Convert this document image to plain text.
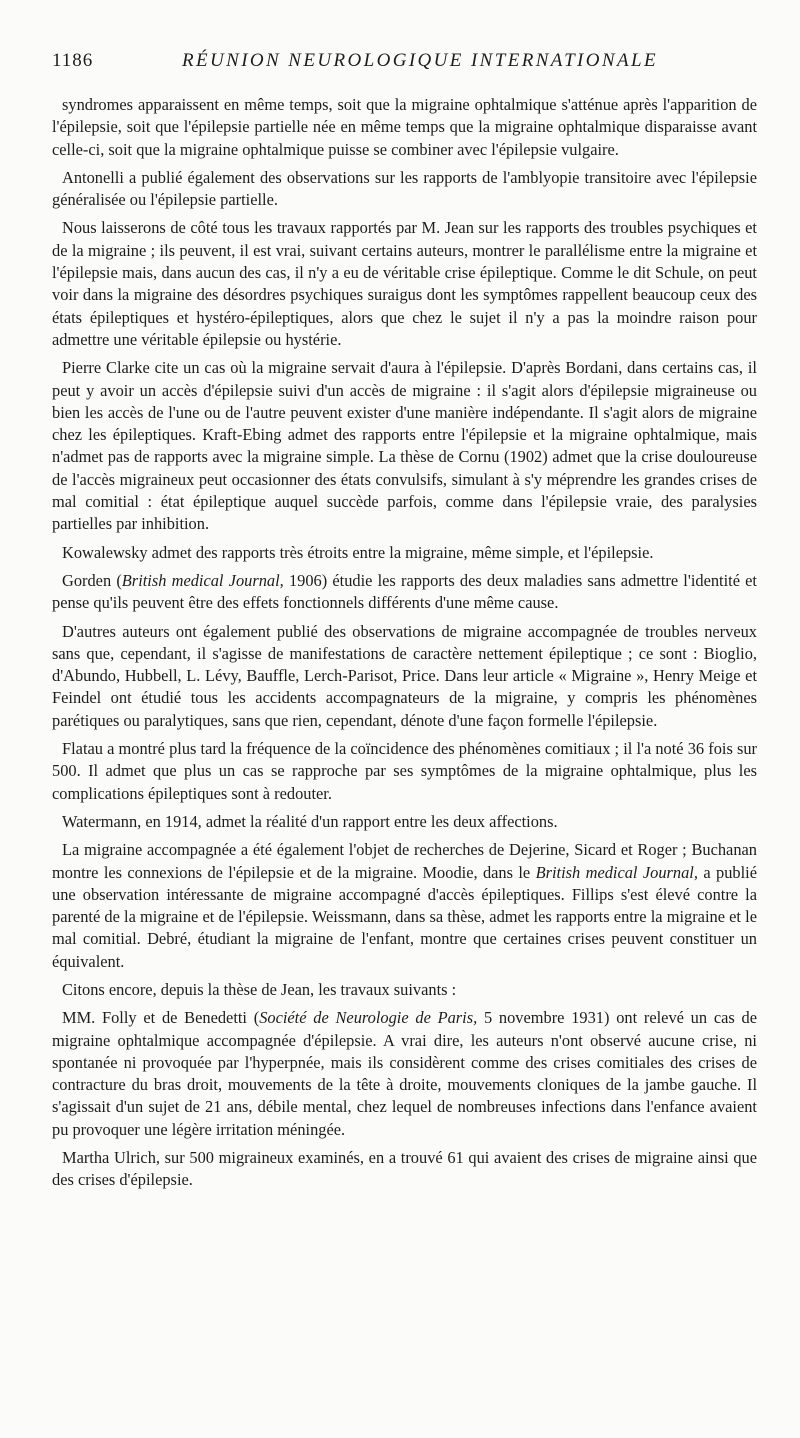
1186	RÉUNION NEUROLOGIQUE INTERNATIONALE

syndromes apparaissent en même temps, soit que la migraine ophtalmique s'atténue après l'apparition de l'épilepsie, soit que l'épilepsie partielle née en même temps que la migraine ophtalmique disparaisse avant celle-ci, soit que la migraine ophtalmique puisse se combiner avec l'épilepsie vulgaire.

Antonelli a publié également des observations sur les rapports de l'amblyopie transitoire avec l'épilepsie généralisée ou l'épilepsie partielle.

Nous laisserons de côté tous les travaux rapportés par M. Jean sur les rapports des troubles psychiques et de la migraine ; ils peuvent, il est vrai, suivant certains auteurs, montrer le parallélisme entre la migraine et l'épilepsie mais, dans aucun des cas, il n'y a eu de véritable crise épileptique. Comme le dit Schule, on peut voir dans la migraine des désordres psychiques suraigus dont les symptômes rappellent beaucoup ceux des états épileptiques et hystéro-épileptiques, alors que chez le sujet il n'y a pas la moindre raison pour admettre une véritable épilepsie ou hystérie.

Pierre Clarke cite un cas où la migraine servait d'aura à l'épilepsie. D'après Bordani, dans certains cas, il peut y avoir un accès d'épilepsie suivi d'un accès de migraine : il s'agit alors d'épilepsie migraineuse ou bien les accès de l'une ou de l'autre peuvent exister d'une manière indépendante. Il s'agit alors de migraine chez les épileptiques. Kraft-Ebing admet des rapports entre l'épilepsie et la migraine ophtalmique, mais n'admet pas de rapports avec la migraine simple. La thèse de Cornu (1902) admet que la crise douloureuse de l'accès migraineux peut occasionner des états convulsifs, simulant à s'y méprendre les grandes crises de mal comitial : état épileptique auquel succède parfois, comme dans l'épilepsie vraie, des paralysies partielles par inhibition.

Kowalewsky admet des rapports très étroits entre la migraine, même simple, et l'épilepsie.

Gorden (British medical Journal, 1906) étudie les rapports des deux maladies sans admettre l'identité et pense qu'ils peuvent être des effets fonctionnels différents d'une même cause.

D'autres auteurs ont également publié des observations de migraine accompagnée de troubles nerveux sans que, cependant, il s'agisse de manifestations de caractère nettement épileptique ; ce sont : Bioglio, d'Abundo, Hubbell, L. Lévy, Bauffle, Lerch-Parisot, Price. Dans leur article « Migraine », Henry Meige et Feindel ont étudié tous les accidents accompagnateurs de la migraine, y compris les phénomènes parétiques ou paralytiques, sans que rien, cependant, dénote d'une façon formelle l'épilepsie.

Flatau a montré plus tard la fréquence de la coïncidence des phénomènes comitiaux ; il l'a noté 36 fois sur 500. Il admet que plus un cas se rapproche par ses symptômes de la migraine ophtalmique, plus les complications épileptiques sont à redouter.

Watermann, en 1914, admet la réalité d'un rapport entre les deux affections.

La migraine accompagnée a été également l'objet de recherches de Dejerine, Sicard et Roger ; Buchanan montre les connexions de l'épilepsie et de la migraine. Moodie, dans le British medical Journal, a publié une observation intéressante de migraine accompagné d'accès épileptiques. Fillips s'est élevé contre la parenté de la migraine et de l'épilepsie. Weissmann, dans sa thèse, admet les rapports entre la migraine et le mal comitial. Debré, étudiant la migraine de l'enfant, montre que certaines crises peuvent constituer un équivalent.

Citons encore, depuis la thèse de Jean, les travaux suivants :

MM. Folly et de Benedetti (Société de Neurologie de Paris, 5 novembre 1931) ont relevé un cas de migraine ophtalmique accompagnée d'épilepsie. A vrai dire, les auteurs n'ont observé aucune crise, ni spontanée ni provoquée par l'hyperpnée, mais ils considèrent comme des crises comitiales des crises de contracture du bras droit, mouvements de la tête à droite, mouvements cloniques de la jambe gauche. Il s'agissait d'un sujet de 21 ans, débile mental, chez lequel de nombreuses infections dans l'enfance avaient pu provoquer une légère irritation méningée.

Martha Ulrich, sur 500 migraineux examinés, en a trouvé 61 qui avaient des crises de migraine ainsi que des crises d'épilepsie.
